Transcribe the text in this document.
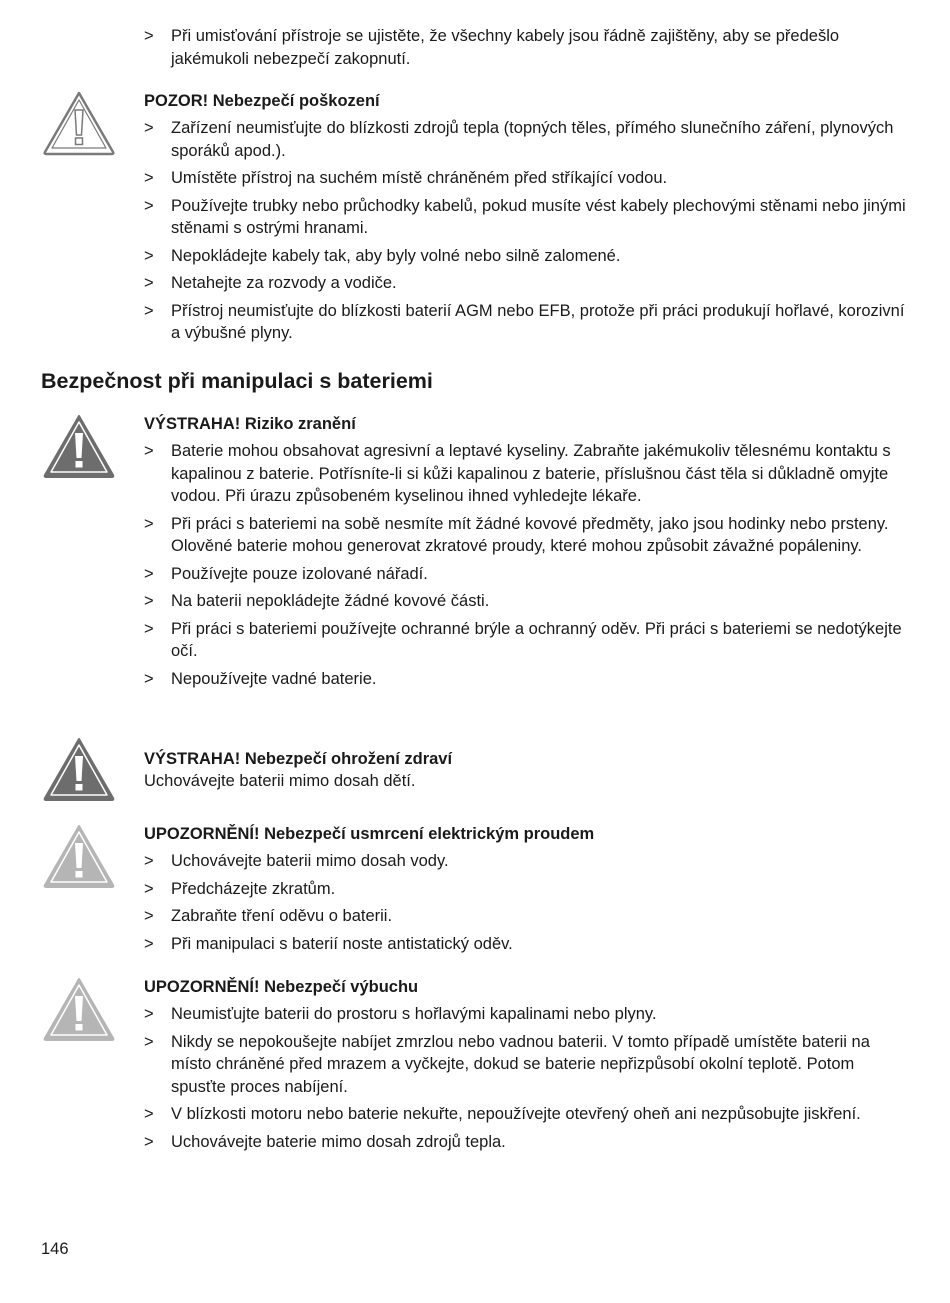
> Při umisťování přístroje se ujistěte, že všechny kabely jsou řádně zajištěny, aby se předešlo jakémukoli nebezpečí zakopnutí.
POZOR! Nebezpečí poškození
> Zařízení neumisťujte do blízkosti zdrojů tepla (topných těles, přímého slunečního záření, plynových sporáků apod.).
> Umístěte přístroj na suchém místě chráněném před stříkající vodou.
> Používejte trubky nebo průchodky kabelů, pokud musíte vést kabely plechovými stěnami nebo jinými stěnami s ostrými hranami.
> Nepokládejte kabely tak, aby byly volné nebo silně zalomené.
> Netahejte za rozvody a vodiče.
> Přístroj neumisťujte do blízkosti baterií AGM nebo EFB, protože při práci produkují hořlavé, korozivní a výbušné plyny.
Bezpečnost při manipulaci s bateriemi
VÝSTRAHA! Riziko zranění
> Baterie mohou obsahovat agresivní a leptavé kyseliny. Zabraňte jakémukoliv tělesnému kontaktu s kapalinou z baterie. Potřísníte-li si kůži kapalinou z baterie, příslušnou část těla si důkladně omyjte vodou. Při úrazu způsobeném kyselinou ihned vyhledejte lékaře.
> Při práci s bateriemi na sobě nesmíte mít žádné kovové předměty, jako jsou hodinky nebo prsteny. Olověné baterie mohou generovat zkratové proudy, které mohou způsobit závažné popáleniny.
> Používejte pouze izolované nářadí.
> Na baterii nepokládejte žádné kovové části.
> Při práci s bateriemi používejte ochranné brýle a ochranný oděv. Při práci s bateriemi se nedotýkejte očí.
> Nepoužívejte vadné baterie.
VÝSTRAHA! Nebezpečí ohrožení zdraví
Uchovávejte baterii mimo dosah dětí.
UPOZORNĚNÍ! Nebezpečí usmrcení elektrickým proudem
> Uchovávejte baterii mimo dosah vody.
> Předcházejte zkratům.
> Zabraňte tření oděvu o baterii.
> Při manipulaci s baterií noste antistatický oděv.
UPOZORNĚNÍ! Nebezpečí výbuchu
> Neumisťujte baterii do prostoru s hořlavými kapalinami nebo plyny.
> Nikdy se nepokoušejte nabíjet zmrzlou nebo vadnou baterii. V tomto případě umístěte baterii na místo chráněné před mrazem a vyčkejte, dokud se baterie nepřizpůsobí okolní teplotě. Potom spusťte proces nabíjení.
> V blízkosti motoru nebo baterie nekuřte, nepoužívejte otevřený oheň ani nezpůsobujte jiskření.
> Uchovávejte baterie mimo dosah zdrojů tepla.
146
